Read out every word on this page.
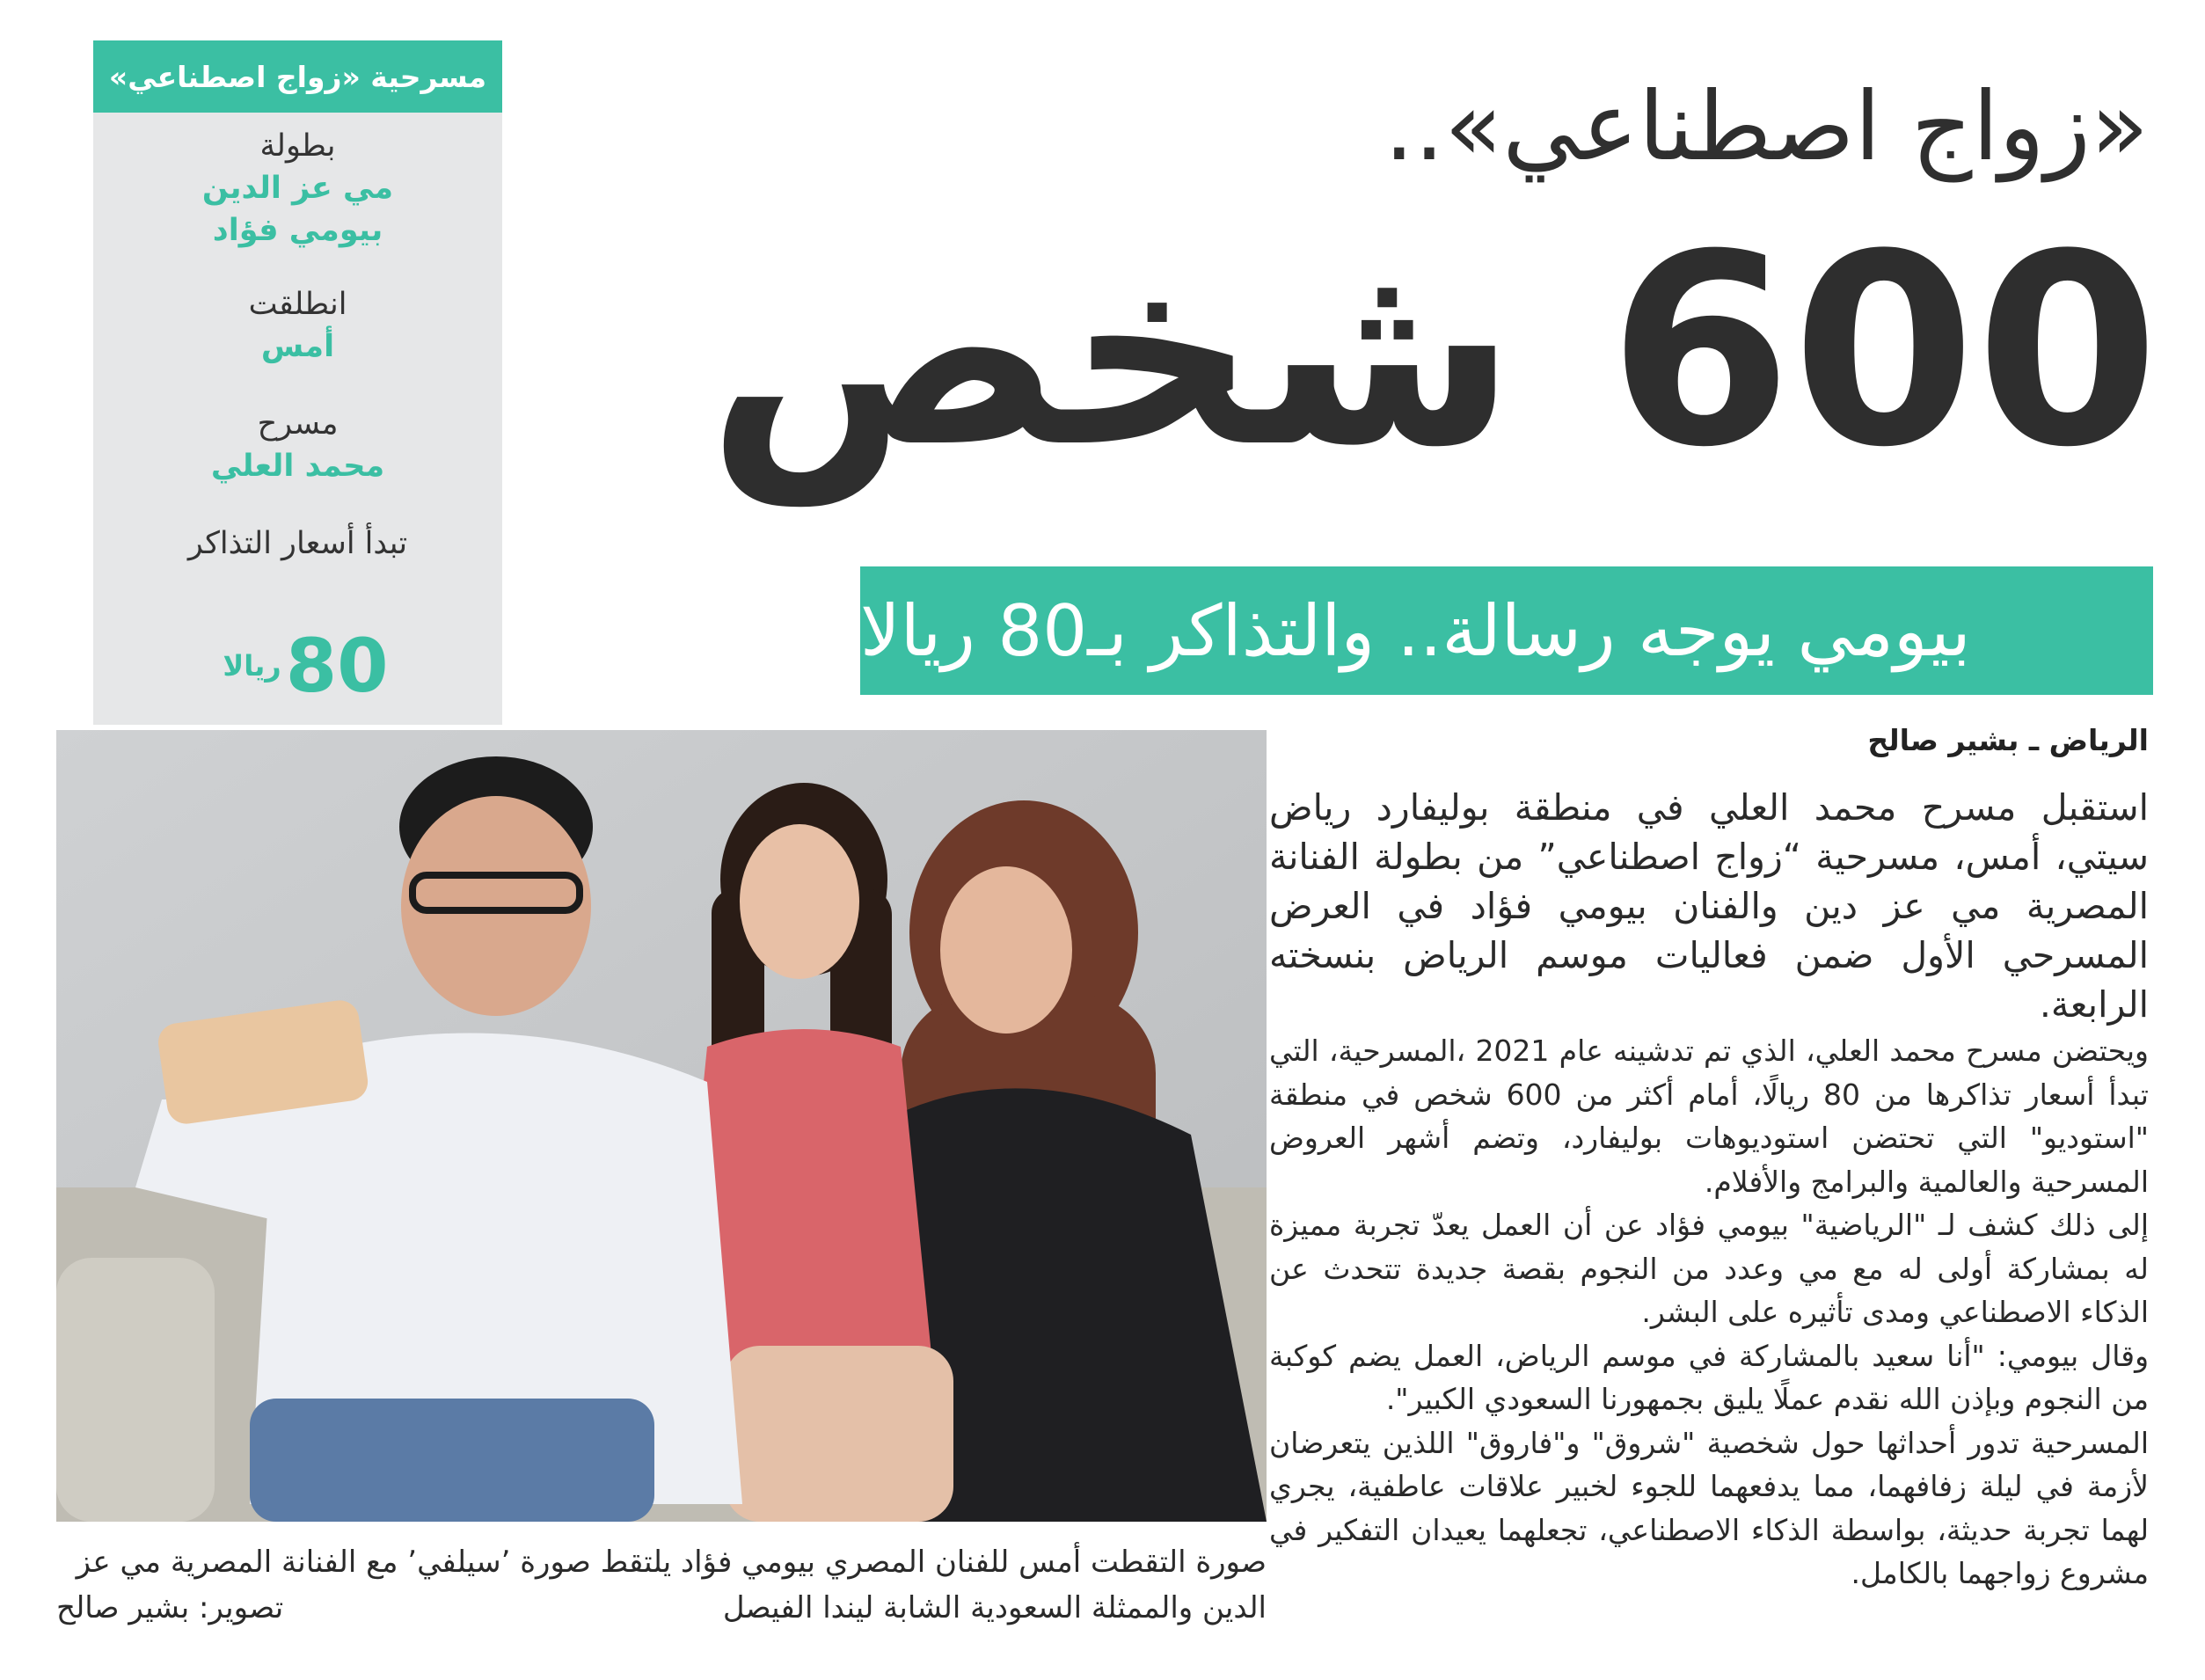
مسرحية «زواج اصطناعي»
بطولة
مي عز الدين
بيومي فؤاد
انطلقت
أمس
مسرح
محمد العلي
تبدأ أسعار التذاكر
80 ريالا
«زواج اصطناعي»..
600 شخص
بيومي يوجه رسالة.. والتذاكر بـ80 ريالا
صورة التقطت أمس للفنان المصري بيومي فؤاد يلتقط صورة ’سيلفي’ مع الفنانة المصرية مي عز الدين والممثلة السعودية الشابة ليندا الفيصل
تصوير: بشير صالح
الرياض ـ بشير صالح

استقبل مسرح محمد العلي في منطقة بوليفارد رياض سيتي، أمس، مسرحية “زواج اصطناعي” من بطولة الفنانة المصرية مي عز دين والفنان بيومي فؤاد في العرض المسرحي الأول ضمن فعاليات موسم الرياض بنسخته الرابعة.

ويحتضن مسرح محمد العلي، الذي تم تدشينه عام 2021 ،المسرحية، التي تبدأ أسعار تذاكرها من 80 ريالًا، أمام أكثر من 600 شخص في منطقة "استوديو" التي تحتضن استوديوهات بوليفارد، وتضم أشهر العروض المسرحية والعالمية والبرامج والأفلام.

إلى ذلك كشف لـ "الرياضية" بيومي فؤاد عن أن العمل يعدّ تجربة مميزة له بمشاركة أولى له مع مي وعدد من النجوم بقصة جديدة تتحدث عن الذكاء الاصطناعي ومدى تأثيره على البشر.

وقال بيومي: "أنا سعيد بالمشاركة في موسم الرياض، العمل يضم كوكبة من النجوم وبإذن الله نقدم عملًا يليق بجمهورنا السعودي الكبير".

المسرحية تدور أحداثها حول شخصية "شروق" و"فاروق" اللذين يتعرضان لأزمة في ليلة زفافهما، مما يدفعهما للجوء لخبير علاقات عاطفية، يجري لهما تجربة حديثة، بواسطة الذكاء الاصطناعي، تجعلهما يعيدان التفكير في مشروع زواجهما بالكامل.
